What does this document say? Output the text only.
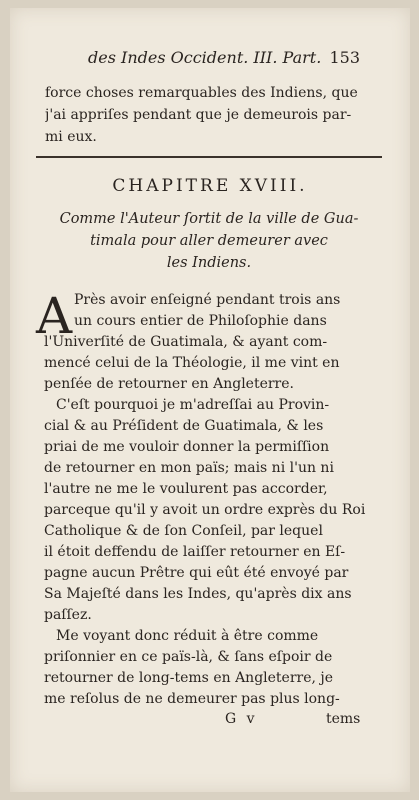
des Indes Occident. III. Part. 153
force choses remarquables des Indiens, que
j'ai appriſes pendant que je demeurois par-
mi eux.
CHAPITRE XVIII.
Comme l'Auteur ſortit de la ville de Gua-
timala pour aller demeurer avec
les Indiens.
A Près avoir enſeigné pendant trois ans
un cours entier de Philoſophie dans
l'Univerſité de Guatimala, & ayant com-
mencé celui de la Théologie, il me vint en
penſée de retourner en Angleterre.
C'eſt pourquoi je m'adreſſai au Provin-
cial & au Préſident de Guatimala, & les
priai de me vouloir donner la permiſſion
de retourner en mon païs; mais ni l'un ni
l'autre ne me le voulurent pas accorder,
parceque qu'il y avoit un ordre exprès du Roi
Catholique & de ſon Conſeil, par lequel
il étoit deffendu de laiſſer retourner en Eſ-
pagne aucun Prêtre qui eût été envoyé par
Sa Majeſté dans les Indes, qu'après dix ans
paſſez.
Me voyant donc réduit à être comme
priſonnier en ce païs-là, & ſans eſpoir de
retourner de long-tems en Angleterre, je
me reſolus de ne demeurer pas plus long-
G v	tems
